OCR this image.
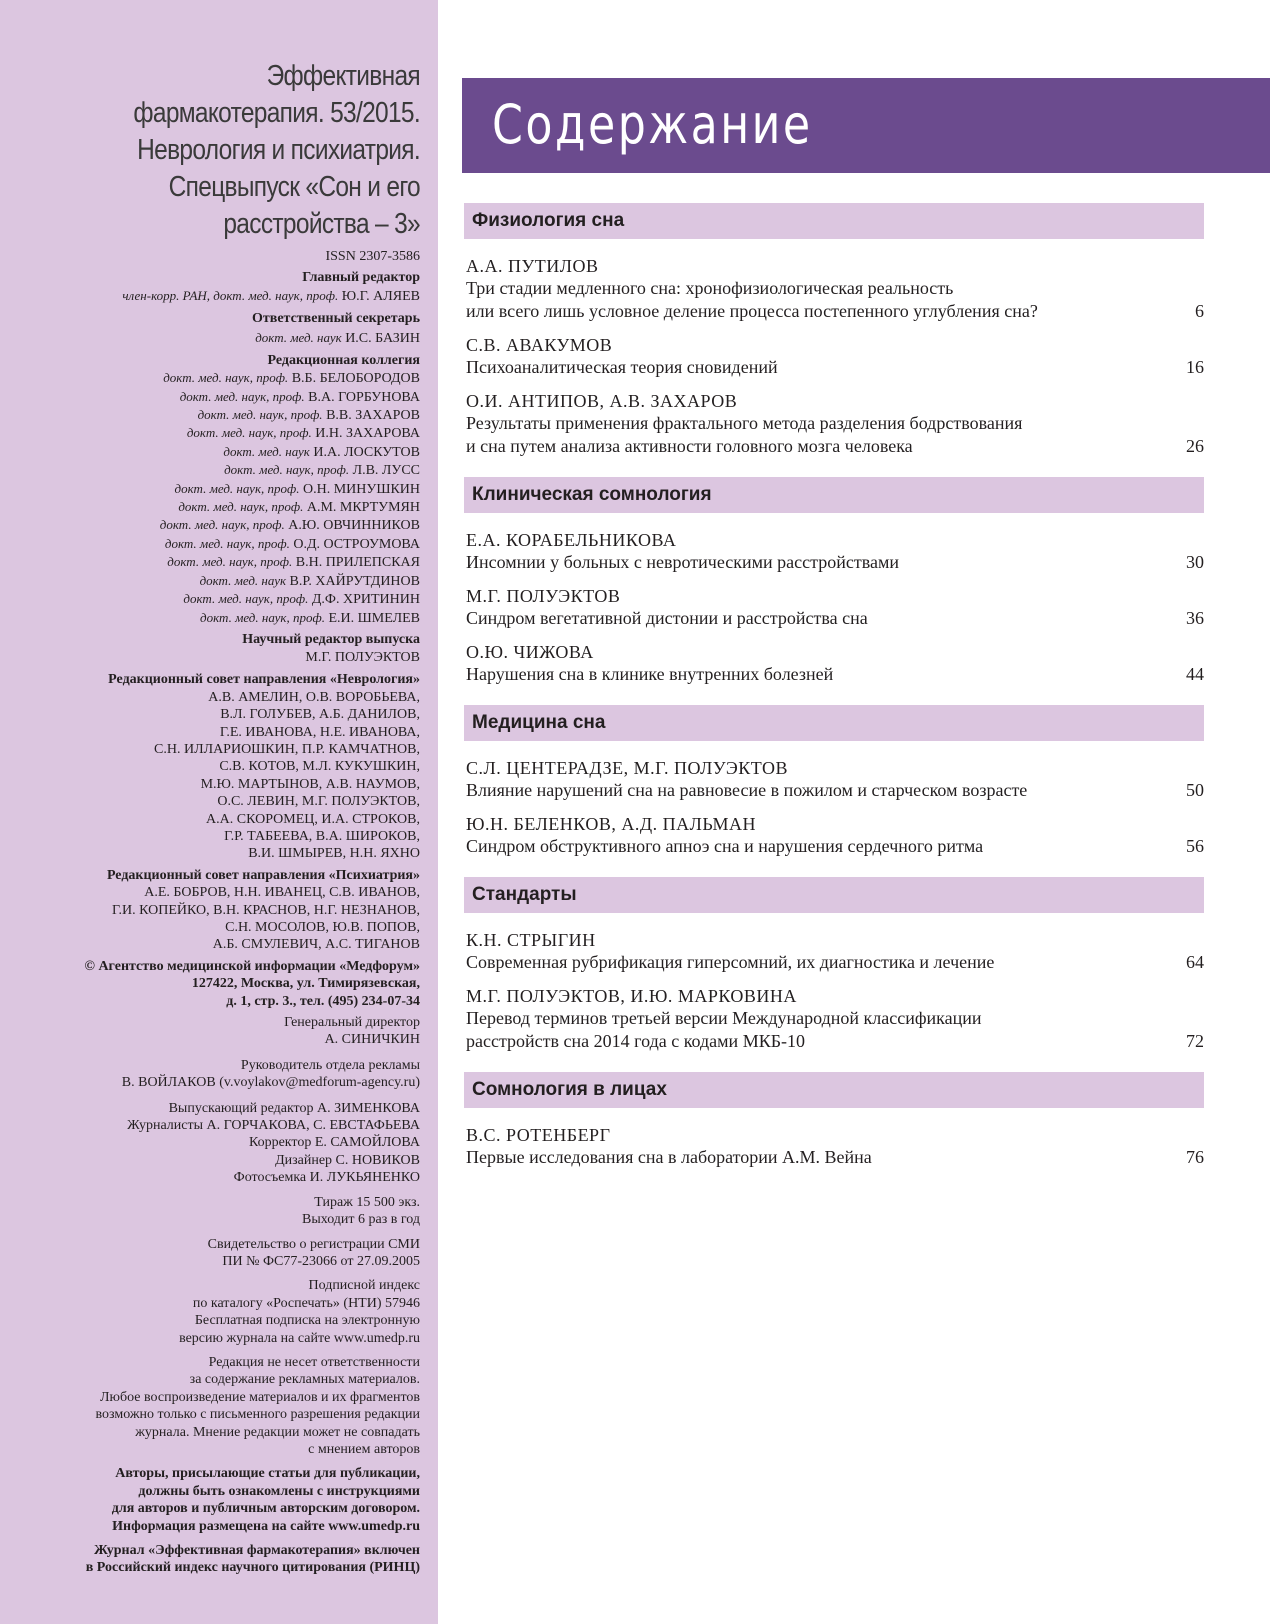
Эффективная
фармакотерапия. 53/2015.
Неврология и психиатрия.
Спецвыпуск «Сон и его
расстройства – 3»
ISSN 2307-3586
Главный редактор
член-корр. РАН, докт. мед. наук, проф. Ю.Г. АЛЯЕВ
Ответственный секретарь
докт. мед. наук И.С. БАЗИН
Редакционная коллегия
докт. мед. наук, проф. В.Б. БЕЛОБОРОДОВ
докт. мед. наук, проф. В.А. ГОРБУНОВА
докт. мед. наук, проф. В.В. ЗАХАРОВ
докт. мед. наук, проф. И.Н. ЗАХАРОВА
докт. мед. наук И.А. ЛОСКУТОВ
докт. мед. наук, проф. Л.В. ЛУСС
докт. мед. наук, проф. О.Н. МИНУШКИН
докт. мед. наук, проф. А.М. МКРТУМЯН
докт. мед. наук, проф. А.Ю. ОВЧИННИКОВ
докт. мед. наук, проф. О.Д. ОСТРОУМОВА
докт. мед. наук, проф. В.Н. ПРИЛЕПСКАЯ
докт. мед. наук В.Р. ХАЙРУТДИНОВ
докт. мед. наук, проф. Д.Ф. ХРИТИНИН
докт. мед. наук, проф. Е.И. ШМЕЛЕВ
Научный редактор выпуска
М.Г. ПОЛУЭКТОВ
Редакционный совет направления «Неврология»
А.В. АМЕЛИН, О.В. ВОРОБЬЕВА,
В.Л. ГОЛУБЕВ, А.Б. ДАНИЛОВ,
Г.Е. ИВАНОВА, Н.Е. ИВАНОВА,
С.Н. ИЛЛАРИОШКИН, П.Р. КАМЧАТНОВ,
С.В. КОТОВ, М.Л. КУКУШКИН,
М.Ю. МАРТЫНОВ, А.В. НАУМОВ,
О.С. ЛЕВИН, М.Г. ПОЛУЭКТОВ,
А.А. СКОРОМЕЦ, И.А. СТРОКОВ,
Г.Р. ТАБЕЕВА, В.А. ШИРОКОВ,
В.И. ШМЫРЕВ, Н.Н. ЯХНО
Редакционный совет направления «Психиатрия»
А.Е. БОБРОВ, Н.Н. ИВАНЕЦ, С.В. ИВАНОВ,
Г.И. КОПЕЙКО, В.Н. КРАСНОВ, Н.Г. НЕЗНАНОВ,
С.Н. МОСОЛОВ, Ю.В. ПОПОВ,
А.Б. СМУЛЕВИЧ, А.С. ТИГАНОВ
© Агентство медицинской информации «Медфорум»
127422, Москва, ул. Тимирязевская,
д. 1, стр. 3., тел. (495) 234-07-34
Генеральный директор
А. СИНИЧКИН
Руководитель отдела рекламы
В. ВОЙЛАКОВ (v.voylakov@medforum-agency.ru)
Выпускающий редактор А. ЗИМЕНКОВА
Журналисты А. ГОРЧАКОВА, С. ЕВСТАФЬЕВА
Корректор Е. САМОЙЛОВА
Дизайнер С. НОВИКОВ
Фотосъемка И. ЛУКЬЯНЕНКО
Тираж 15 500 экз.
Выходит 6 раз в год
Свидетельство о регистрации СМИ
ПИ № ФС77-23066 от 27.09.2005
Подписной индекс
по каталогу «Роспечать» (НТИ) 57946
Бесплатная подписка на электронную
версию журнала на сайте www.umedp.ru
Редакция не несет ответственности
за содержание рекламных материалов.
Любое воспроизведение материалов и их фрагментов
возможно только с письменного разрешения редакции
журнала. Мнение редакции может не совпадать
с мнением авторов
Авторы, присылающие статьи для публикации,
должны быть ознакомлены с инструкциями
для авторов и публичным авторским договором.
Информация размещена на сайте www.umedp.ru
Журнал «Эффективная фармакотерапия» включен
в Российский индекс научного цитирования (РИНЦ)
Содержание
Физиология сна
А.А. ПУТИЛОВ
Три стадии медленного сна: хронофизиологическая реальность
или всего лишь условное деление процесса постепенного углубления сна?	6
С.В. АВАКУМОВ
Психоаналитическая теория сновидений	16
О.И. АНТИПОВ, А.В. ЗАХАРОВ
Результаты применения фрактального метода разделения бодрствования
и сна путем анализа активности головного мозга человека	26
Клиническая сомнология
Е.А. КОРАБЕЛЬНИКОВА
Инсомнии у больных с невротическими расстройствами	30
М.Г. ПОЛУЭКТОВ
Синдром вегетативной дистонии и расстройства сна	36
О.Ю. ЧИЖОВА
Нарушения сна в клинике внутренних болезней	44
Медицина сна
С.Л. ЦЕНТЕРАДЗЕ, М.Г. ПОЛУЭКТОВ
Влияние нарушений сна на равновесие в пожилом и старческом возрасте	50
Ю.Н. БЕЛЕНКОВ, А.Д. ПАЛЬМАН
Синдром обструктивного апноэ сна и нарушения сердечного ритма	56
Стандарты
К.Н. СТРЫГИН
Современная рубрификация гиперсомний, их диагностика и лечение	64
М.Г. ПОЛУЭКТОВ, И.Ю. МАРКОВИНА
Перевод терминов третьей версии Международной классификации
расстройств сна 2014 года с кодами МКБ-10	72
Сомнология в лицах
В.С. РОТЕНБЕРГ
Первые исследования сна в лаборатории А.М. Вейна	76
